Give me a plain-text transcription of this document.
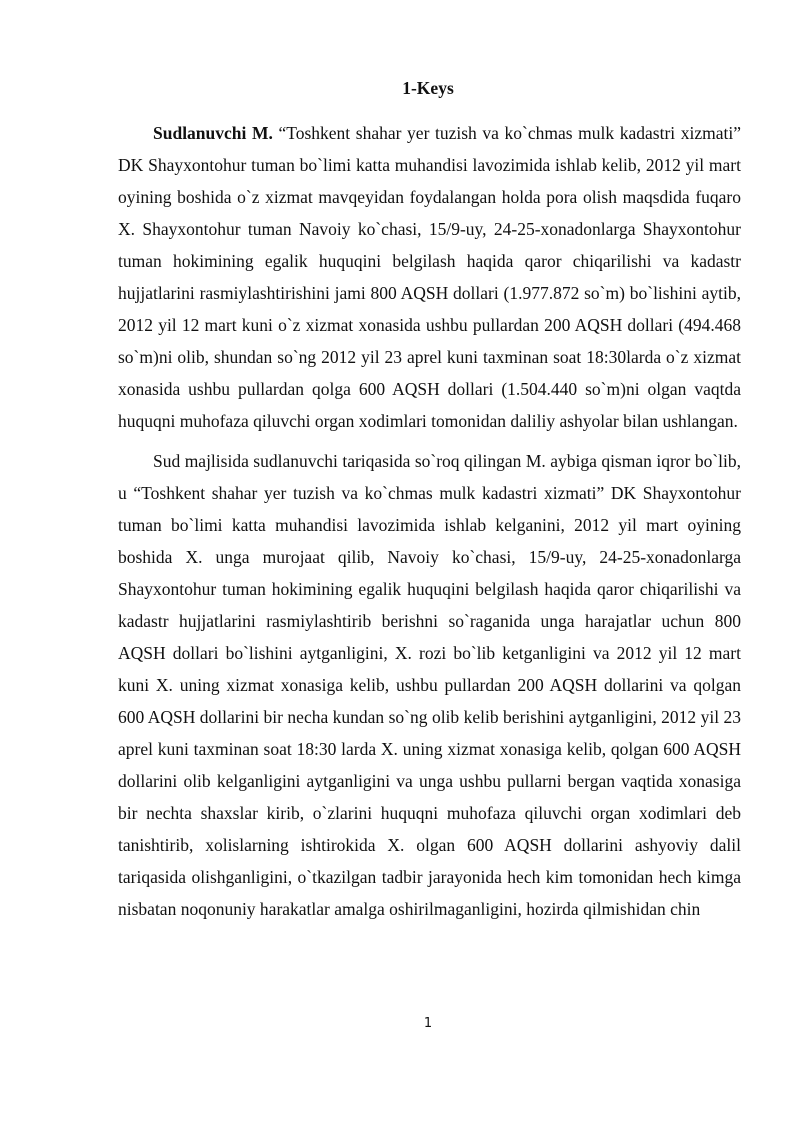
1-Keys

Sudlanuvchi M. “Toshkent shahar yer tuzish va ko`chmas mulk kadastri xizmati” DK Shayxontohur tuman bo`limi katta muhandisi lavozimida ishlab kelib, 2012 yil mart oyining boshida o`z xizmat mavqeyidan foydalangan holda pora olish maqsdida fuqaro X. Shayxontohur tuman Navoiy ko`chasi, 15/9-uy, 24-25-xonadonlarga Shayxontohur tuman hokimining egalik huquqini belgilash haqida qaror chiqarilishi va kadastr hujjatlarini rasmiylashtirishini jami 800 AQSH dollari (1.977.872 so`m) bo`lishini aytib, 2012 yil 12 mart kuni o`z xizmat xonasida ushbu pullardan 200 AQSH dollari (494.468 so`m)ni olib, shundan so`ng 2012 yil 23 aprel kuni taxminan soat 18:30larda o`z xizmat xonasida ushbu pullardan qolga 600 AQSH dollari (1.504.440 so`m)ni olgan vaqtda huquqni muhofaza qiluvchi organ xodimlari tomonidan daliliy ashyolar bilan ushlangan.

Sud majlisida sudlanuvchi tariqasida so`roq qilingan M. aybiga qisman iqror bo`lib, u “Toshkent shahar yer tuzish va ko`chmas mulk kadastri xizmati” DK Shayxontohur tuman bo`limi katta muhandisi lavozimida ishlab kelganini, 2012 yil mart oyining boshida X. unga murojaat qilib, Navoiy ko`chasi, 15/9-uy, 24-25-xonadonlarga Shayxontohur tuman hokimining egalik huquqini belgilash haqida qaror chiqarilishi va kadastr hujjatlarini rasmiylashtirib berishni so`raganida unga harajatlar uchun 800 AQSH dollari bo`lishini aytganligini, X. rozi bo`lib ketganligini va 2012 yil 12 mart kuni X. uning xizmat xonasiga kelib, ushbu pullardan 200 AQSH dollarini va qolgan 600 AQSH dollarini bir necha kundan so`ng olib kelib berishini aytganligini, 2012 yil 23 aprel kuni taxminan soat 18:30 larda X. uning xizmat xonasiga kelib, qolgan 600 AQSH dollarini olib kelganligini aytganligini va unga ushbu pullarni bergan vaqtida xonasiga bir nechta shaxslar kirib, o`zlarini huquqni muhofaza qiluvchi organ xodimlari deb tanishtirib, xolislarning ishtirokida X. olgan 600 AQSH dollarini ashyoviy dalil tariqasida olishganligini, o`tkazilgan tadbir jarayonida hech kim tomonidan hech kimga nisbatan noqonuniy harakatlar amalga oshirilmaganligini, hozirda qilmishidan chin

1
